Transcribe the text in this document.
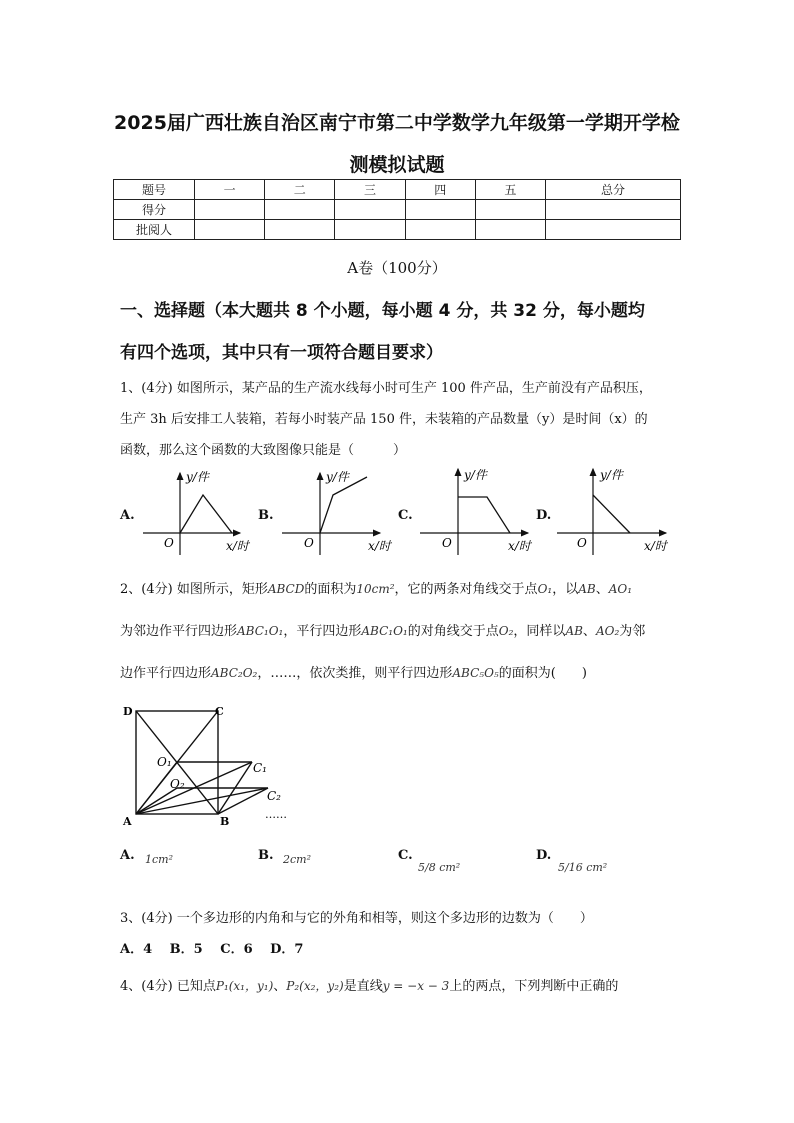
2025届广西壮族自治区南宁市第二中学数学九年级第一学期开学检
测模拟试题
题号	一	二	三	四	五	总分
得分						
批阅人						
A卷（100分）
一、选择题（本大题共 8 个小题，每小题 4 分，共 32 分，每小题均
有四个选项，其中只有一项符合题目要求）
1、(4分) 如图所示，某产品的生产流水线每小时可生产 100 件产品，生产前没有产品积压，
生产 3h 后安排工人装箱，若每小时装产品 150 件，未装箱的产品数量（y）是时间（x）的
函数，那么这个函数的大致图像只能是（　　　）
A.	B.	C.	D.
y/件
O	x/时
y/件
O	x/时
y/件
O	x/时
y/件
O	x/时
2、(4分) 如图所示，矩形ABCD的面积为10cm²，它的两条对角线交于点O₁，以AB、AO₁
为邻边作平行四边形ABC₁O₁，平行四边形ABC₁O₁的对角线交于点O₂，同样以AB、AO₂为邻
边作平行四边形ABC₂O₂，……，依次类推，则平行四边形ABC₅O₅的面积为(　　)
D	C
O₁
O₂
C₁
C₂
A	B
……
A. 1cm²	B. 2cm²	C.
5/8 cm²
D.
5/16 cm²
3、(4分) 一个多边形的内角和与它的外角和相等，则这个多边形的边数为（　　）
A．4　 B．5　 C．6　 D．7
4、(4分) 已知点P₁(x₁，y₁)、P₂(x₂，y₂)是直线y = −x − 3上的两点，下列判断中正确的
